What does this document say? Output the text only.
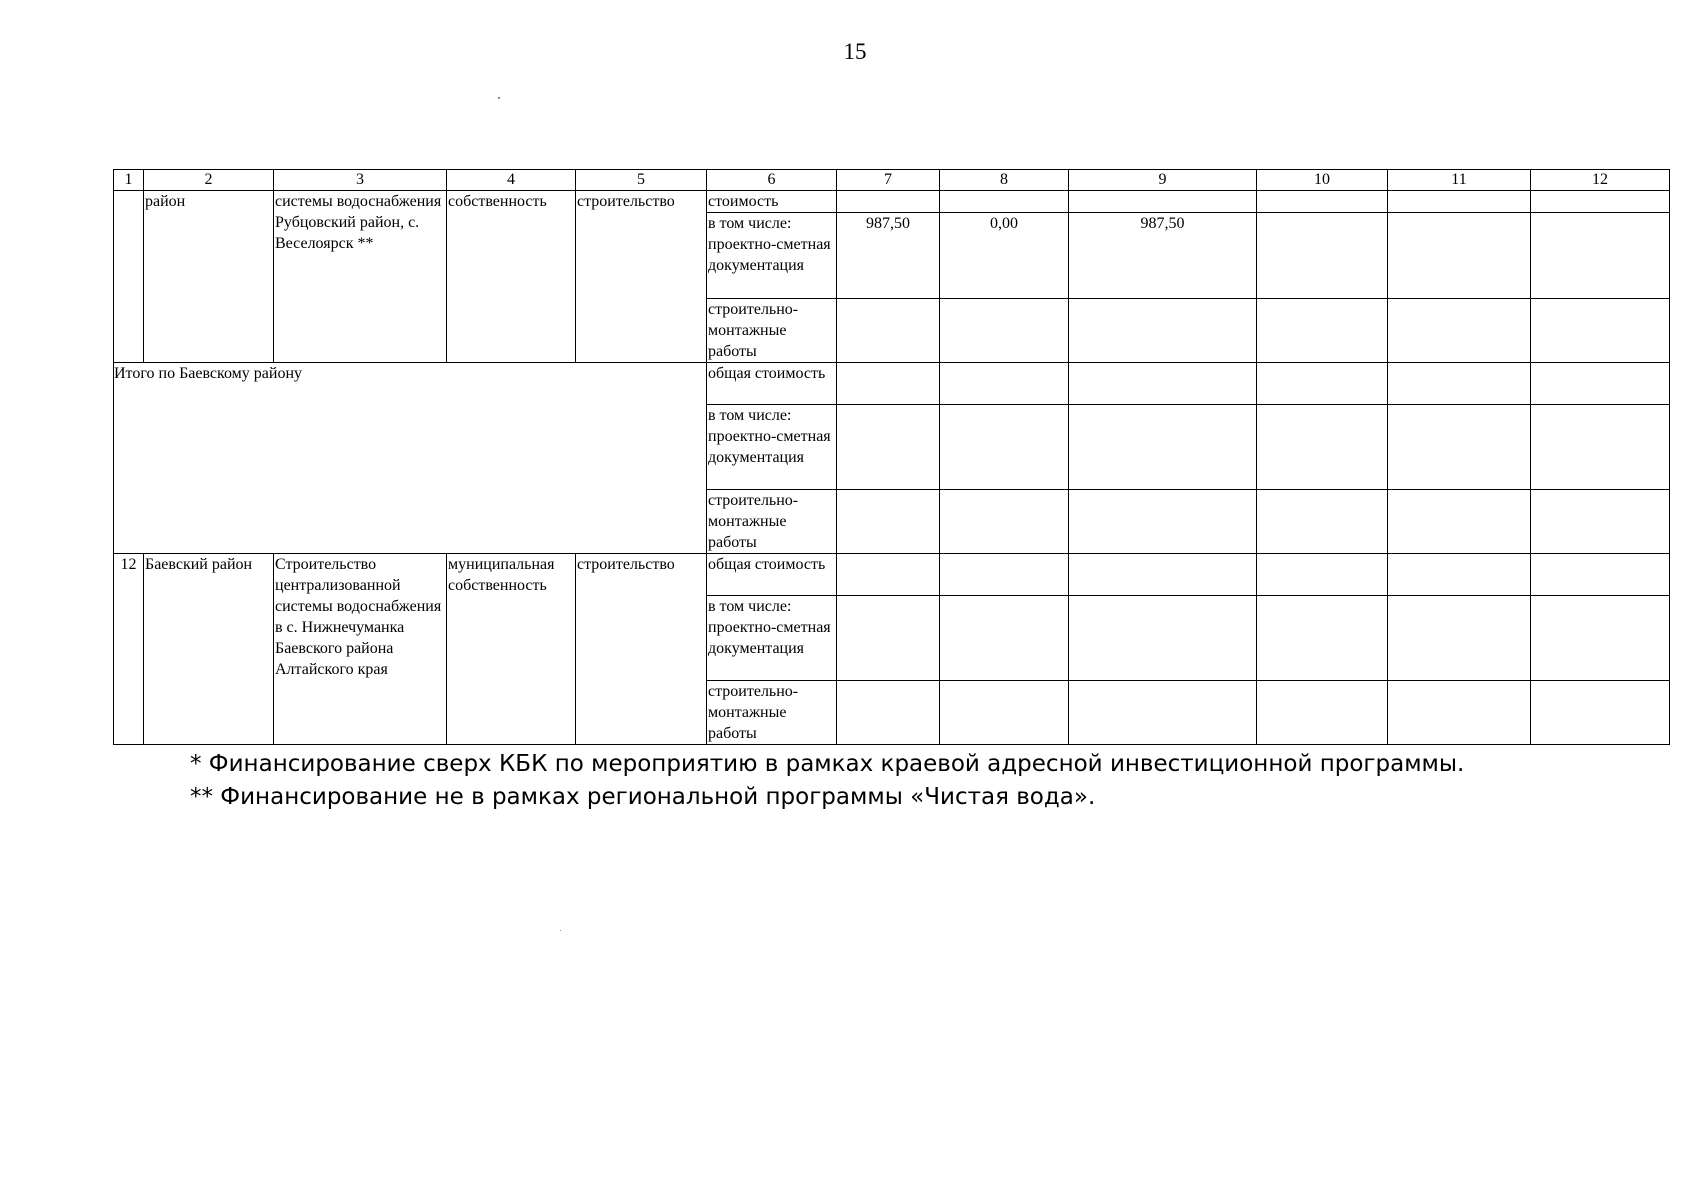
15
1	2	3	4	5	6	7	8	9	10	11	12
	район	системы водоснабжения Рубцовский район, с. Веселоярск **	собственность	строительство	стоимость						
					в том числе: проектно-сметная документация	987,50	0,00	987,50			
					строительно-монтажные работы						
Итого по Баевскому району					общая стоимость						
					в том числе: проектно-сметная документация						
					строительно-монтажные работы						
12	Баевский район	Строительство централизованной системы водоснабжения в с. Нижнечуманка Баевского района Алтайского края	муниципальная собственность	строительство	общая стоимость						
					в том числе: проектно-сметная документация						
					строительно-монтажные работы						
* Финансирование сверх КБК по мероприятию в рамках краевой адресной инвестиционной программы.
** Финансирование не в рамках региональной программы «Чистая вода».
